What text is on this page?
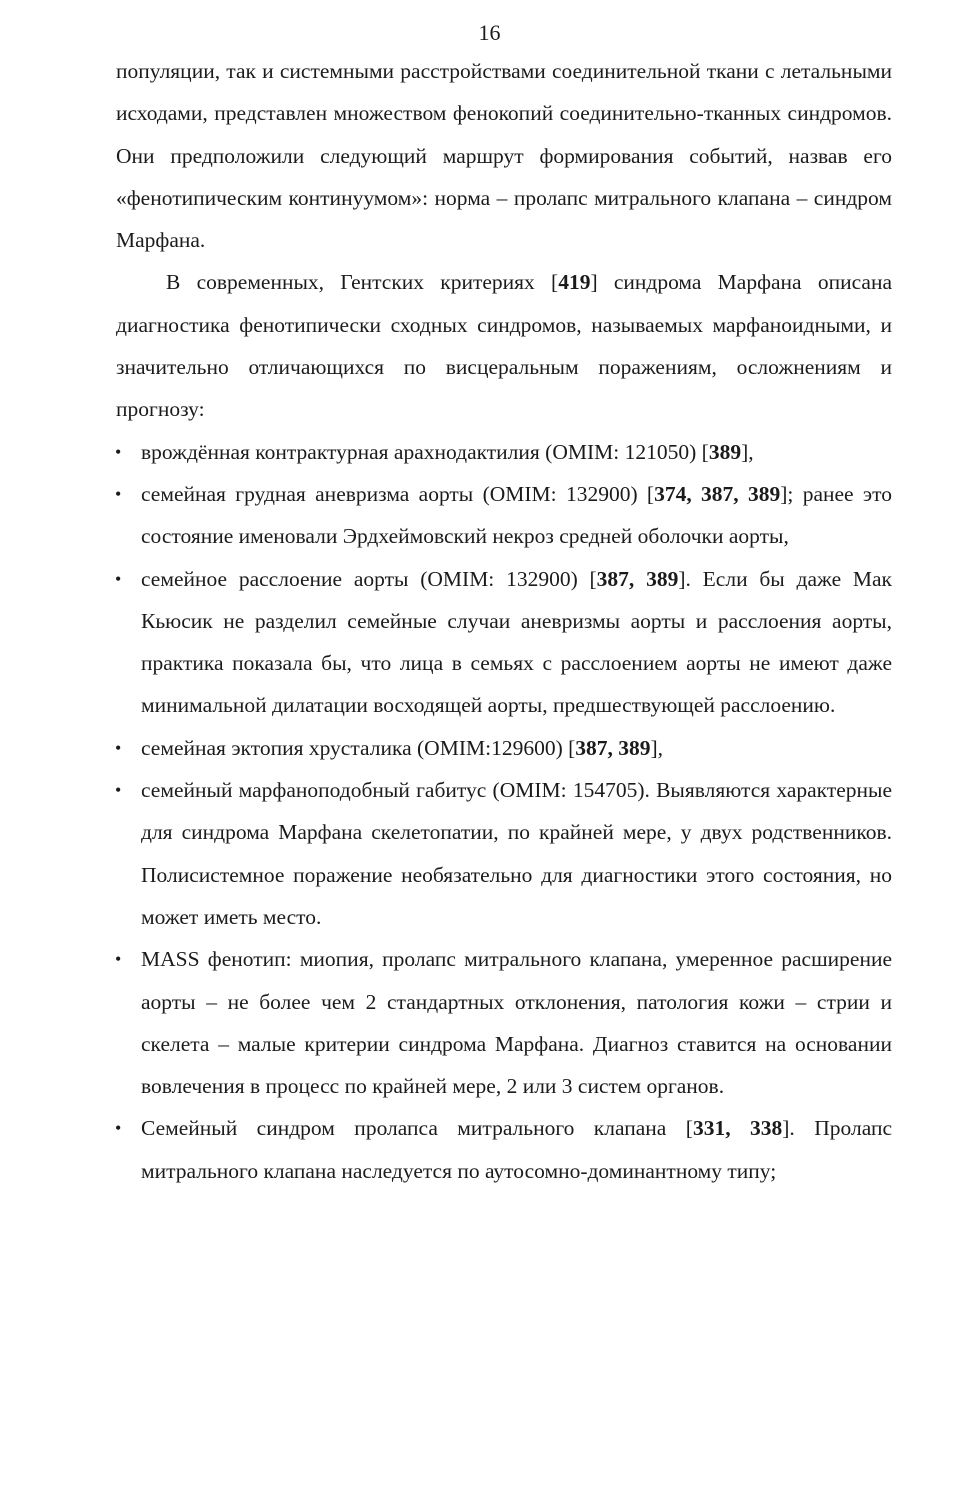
16

популяции, так и системными расстройствами соединительной ткани с летальными исходами, представлен множеством фенокопий соединительно-тканных синдромов. Они предположили следующий маршрут формирования событий, назвав его «фенотипическим континуумом»: норма – пролапс митрального клапана – синдром Марфана.

В современных, Гентских критериях [419] синдрома Марфана описана диагностика фенотипически сходных синдромов, называемых марфаноидными, и значительно отличающихся по висцеральным поражениям, осложнениям и прогнозу:

• врождённая контрактурная арахнодактилия (OMIM: 121050) [389],
• семейная грудная аневризма аорты (OMIM: 132900) [374, 387, 389]; ранее это состояние именовали Эрдхеймовский некроз средней оболочки аорты,
• семейное расслоение аорты (OMIM: 132900) [387, 389]. Если бы даже Мак Кьюсик не разделил семейные случаи аневризмы аорты и расслоения аорты, практика показала бы, что лица в семьях с расслоением аорты не имеют даже минимальной дилатации восходящей аорты, предшествующей расслоению.
• семейная эктопия хрусталика (OMIM:129600) [387, 389],
• семейный марфаноподобный габитус (OMIM: 154705). Выявляются характерные для синдрома Марфана скелетопатии, по крайней мере, у двух родственников. Полисистемное поражение необязательно для диагностики этого состояния, но может иметь место.
• MASS фенотип: миопия, пролапс митрального клапана, умеренное расширение аорты – не более чем 2 стандартных отклонения, патология кожи – стрии и скелета – малые критерии синдрома Марфана. Диагноз ставится на основании вовлечения в процесс по крайней мере, 2 или 3 систем органов.
• Семейный синдром пролапса митрального клапана [331, 338]. Пролапс митрального клапана наследуется по аутосомно-доминантному типу;
